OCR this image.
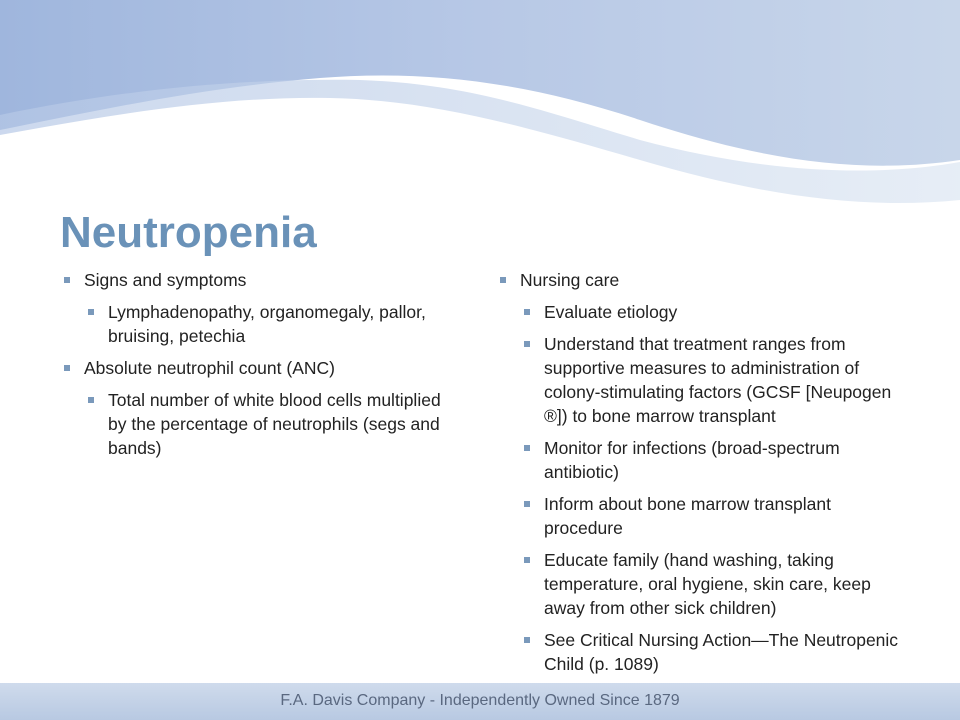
Neutropenia
Signs and symptoms
Lymphadenopathy, organomegaly, pallor, bruising, petechia
Absolute neutrophil count (ANC)
Total number of white blood cells multiplied by the percentage of neutrophils (segs and bands)
Nursing care
Evaluate etiology
Understand that treatment ranges from supportive measures to administration of colony-stimulating factors (GCSF [Neupogen ®]) to bone marrow transplant
Monitor for infections (broad-spectrum antibiotic)
Inform about bone marrow transplant procedure
Educate family (hand washing, taking temperature, oral hygiene, skin care, keep away from other sick children)
See Critical Nursing Action—The Neutropenic Child (p. 1089)
F.A. Davis Company - Independently Owned Since 1879
